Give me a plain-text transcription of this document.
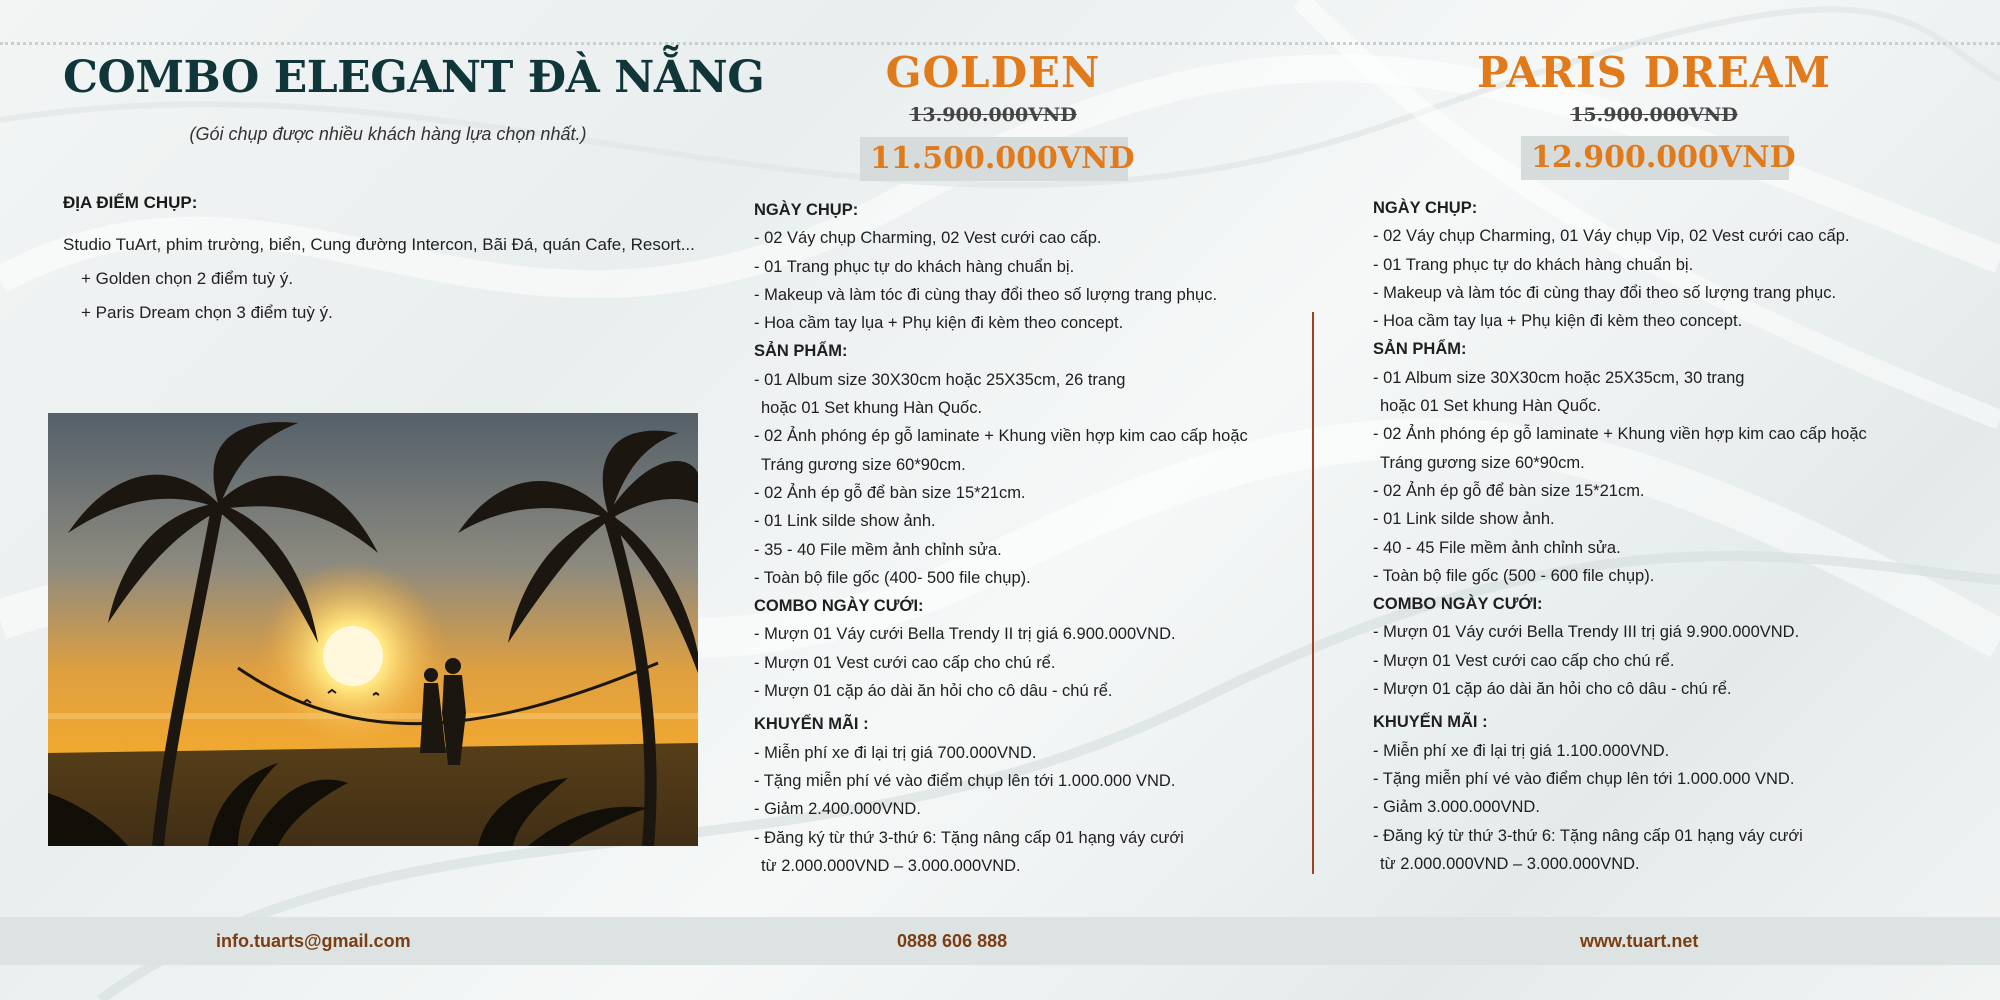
COMBO ELEGANT ĐÀ NẴNG
(Gói chụp được nhiều khách hàng lựa chọn nhất.)
ĐỊA ĐIỂM CHỤP:
Studio TuArt, phim trường, biển, Cung đường Intercon, Bãi Đá, quán Cafe, Resort...
+ Golden chọn 2 điểm tuỳ ý.
+ Paris Dream chọn 3 điểm tuỳ ý.
GOLDEN
13.900.000VND
11.500.000VND
NGÀY CHỤP:
- 02 Váy chụp Charming, 02 Vest cưới cao cấp.
- 01 Trang phục tự do khách hàng chuẩn bị.
- Makeup và làm tóc đi cùng thay đổi theo số lượng trang phục.
- Hoa cầm tay lụa + Phụ kiện đi kèm theo concept.
SẢN PHẨM:
- 01 Album size 30X30cm hoặc 25X35cm, 26 trang
hoặc 01 Set khung Hàn Quốc.
- 02 Ảnh phóng ép gỗ laminate + Khung viền hợp kim cao cấp hoặc
Tráng gương size 60*90cm.
- 02 Ảnh ép gỗ để bàn size 15*21cm.
- 01 Link silde show ảnh.
- 35 - 40 File mềm ảnh chỉnh sửa.
- Toàn bộ file gốc (400- 500 file chụp).
COMBO NGÀY CƯỚI:
- Mượn 01 Váy cưới Bella Trendy II trị giá 6.900.000VND.
- Mượn 01 Vest cưới cao cấp cho chú rể.
- Mượn 01 cặp áo dài ăn hỏi cho cô dâu - chú rể.
KHUYẾN MÃI :
- Miễn phí xe đi lại trị giá 700.000VND.
- Tặng miễn phí vé vào điểm chụp lên tới 1.000.000 VND.
- Giảm 2.400.000VND.
- Đăng ký từ thứ 3-thứ 6: Tặng nâng cấp 01 hạng váy cưới
từ 2.000.000VND – 3.000.000VND.
PARIS DREAM
15.900.000VND
12.900.000VND
NGÀY CHỤP:
- 02 Váy chụp Charming, 01 Váy chụp Vip, 02 Vest cưới cao cấp.
- 01 Trang phục tự do khách hàng chuẩn bị.
- Makeup và làm tóc đi cùng thay đổi theo số lượng trang phục.
- Hoa cầm tay lụa + Phụ kiện đi kèm theo concept.
SẢN PHẨM:
- 01 Album size 30X30cm hoặc 25X35cm, 30 trang
hoặc 01 Set khung Hàn Quốc.
- 02 Ảnh phóng ép gỗ laminate + Khung viền hợp kim cao cấp hoặc
Tráng gương size 60*90cm.
- 02 Ảnh ép gỗ để bàn size 15*21cm.
- 01 Link silde show ảnh.
- 40 - 45 File mềm ảnh chỉnh sửa.
- Toàn bộ file gốc (500 - 600 file chụp).
COMBO NGÀY CƯỚI:
- Mượn 01 Váy cưới Bella Trendy III trị giá 9.900.000VND.
- Mượn 01 Vest cưới cao cấp cho chú rể.
- Mượn 01 cặp áo dài ăn hỏi cho cô dâu - chú rể.
KHUYẾN MÃI :
- Miễn phí xe đi lại trị giá 1.100.000VND.
- Tặng miễn phí vé vào điểm chụp lên tới 1.000.000 VND.
- Giảm 3.000.000VND.
- Đăng ký từ thứ 3-thứ 6: Tặng nâng cấp 01 hạng váy cưới
từ 2.000.000VND – 3.000.000VND.
info.tuarts@gmail.com	0888 606 888	www.tuart.net
